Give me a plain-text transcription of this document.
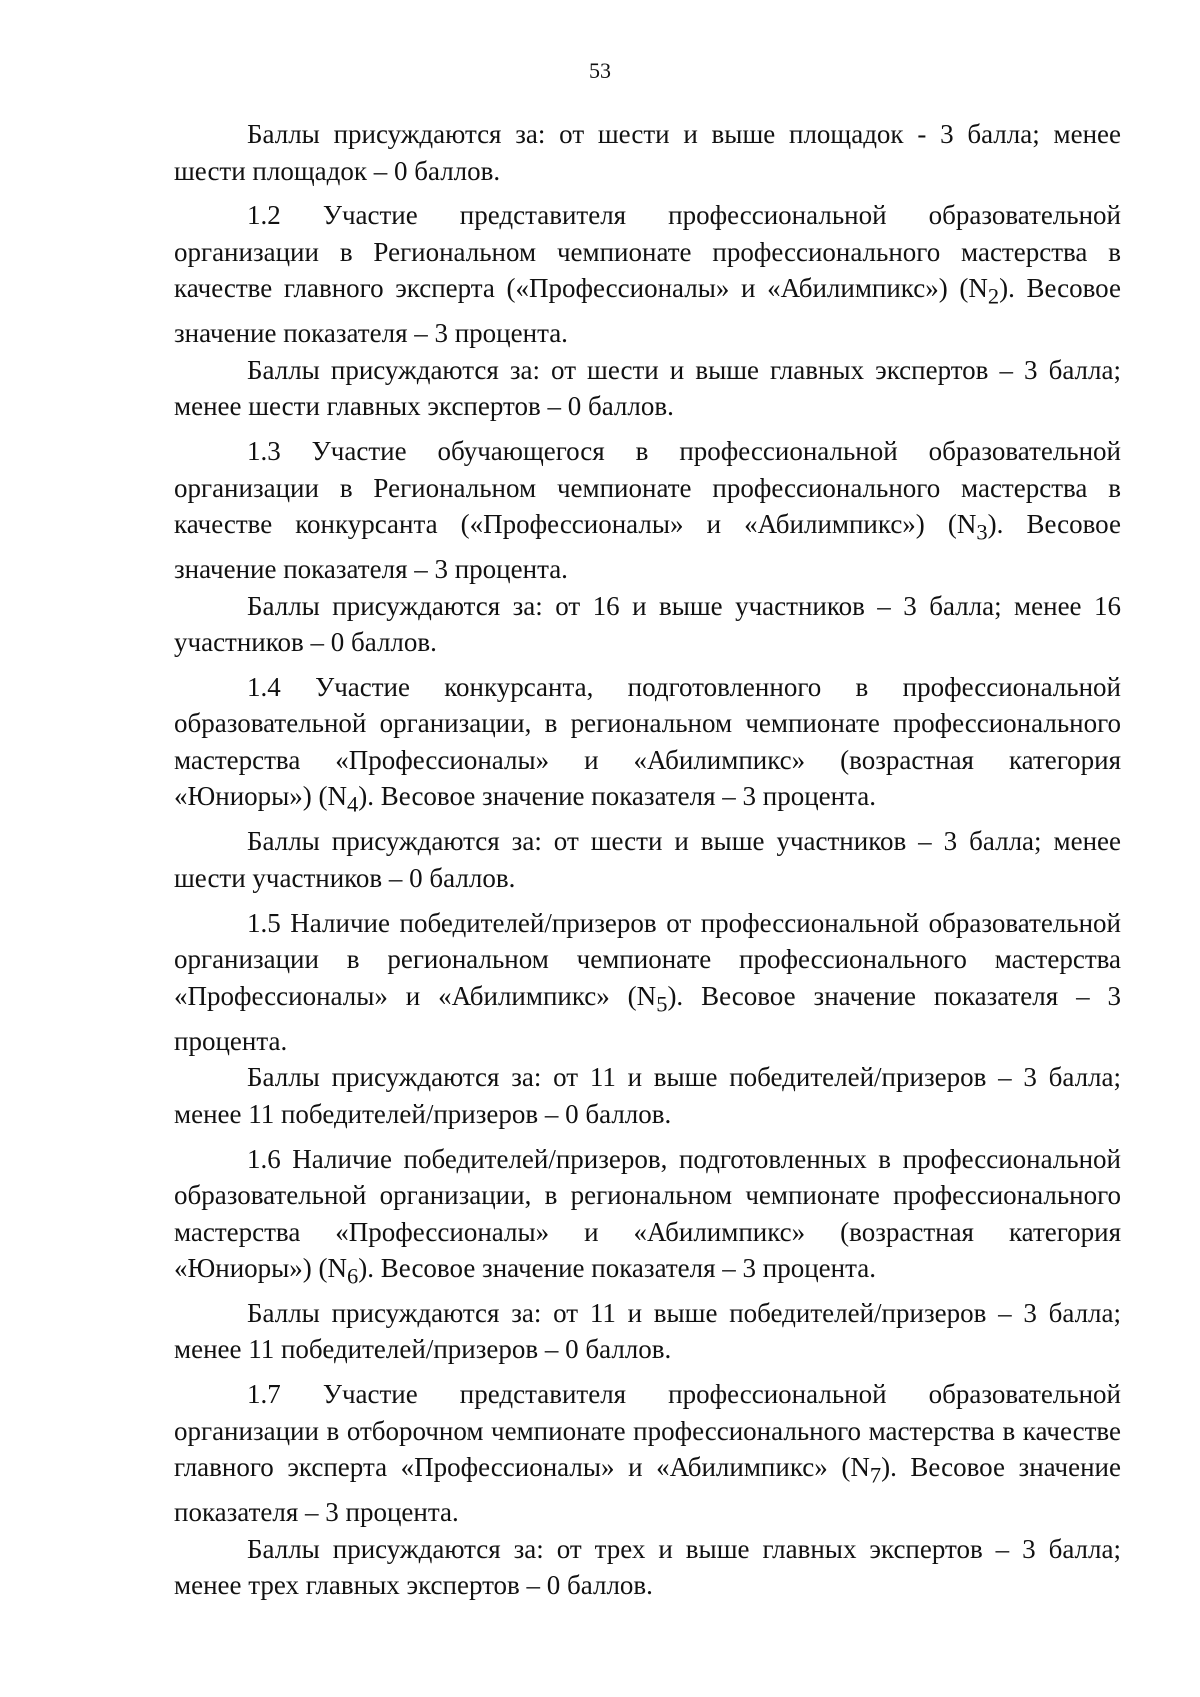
53

Баллы присуждаются за: от шести и выше площадок - 3 балла; менее шести площадок – 0 баллов.

1.2 Участие представителя профессиональной образовательной организации в Региональном чемпионате профессионального мастерства в качестве главного эксперта («Профессионалы» и «Абилимпикс») $(N_2)$. Весовое значение показателя – 3 процента.

Баллы присуждаются за: от шести и выше главных экспертов – 3 балла; менее шести главных экспертов – 0 баллов.

1.3 Участие обучающегося в профессиональной образовательной организации в Региональном чемпионате профессионального мастерства в качестве конкурсанта («Профессионалы» и «Абилимпикс») $(N_3)$. Весовое значение показателя – 3 процента.

Баллы присуждаются за: от 16 и выше участников – 3 балла; менее 16 участников – 0 баллов.

1.4 Участие конкурсанта, подготовленного в профессиональной образовательной организации, в региональном чемпионате профессионального мастерства «Профессионалы» и «Абилимпикс» (возрастная категория «Юниоры») $(N_4)$. Весовое значение показателя – 3 процента.

Баллы присуждаются за: от шести и выше участников – 3 балла; менее шести участников – 0 баллов.

1.5 Наличие победителей/призеров от профессиональной образовательной организации в региональном чемпионате профессионального мастерства «Профессионалы» и «Абилимпикс» $(N_5)$. Весовое значение показателя – 3 процента.

Баллы присуждаются за: от 11 и выше победителей/призеров – 3 балла; менее 11 победителей/призеров – 0 баллов.

1.6 Наличие победителей/призеров, подготовленных в профессиональной образовательной организации, в региональном чемпионате профессионального мастерства «Профессионалы» и «Абилимпикс» (возрастная категория «Юниоры») $(N_6)$. Весовое значение показателя – 3 процента.

Баллы присуждаются за: от 11 и выше победителей/призеров – 3 балла; менее 11 победителей/призеров – 0 баллов.

1.7 Участие представителя профессиональной образовательной организации в отборочном чемпионате профессионального мастерства в качестве главного эксперта «Профессионалы» и «Абилимпикс» $(N_7)$. Весовое значение показателя – 3 процента.

Баллы присуждаются за: от трех и выше главных экспертов – 3 балла; менее трех главных экспертов – 0 баллов.
